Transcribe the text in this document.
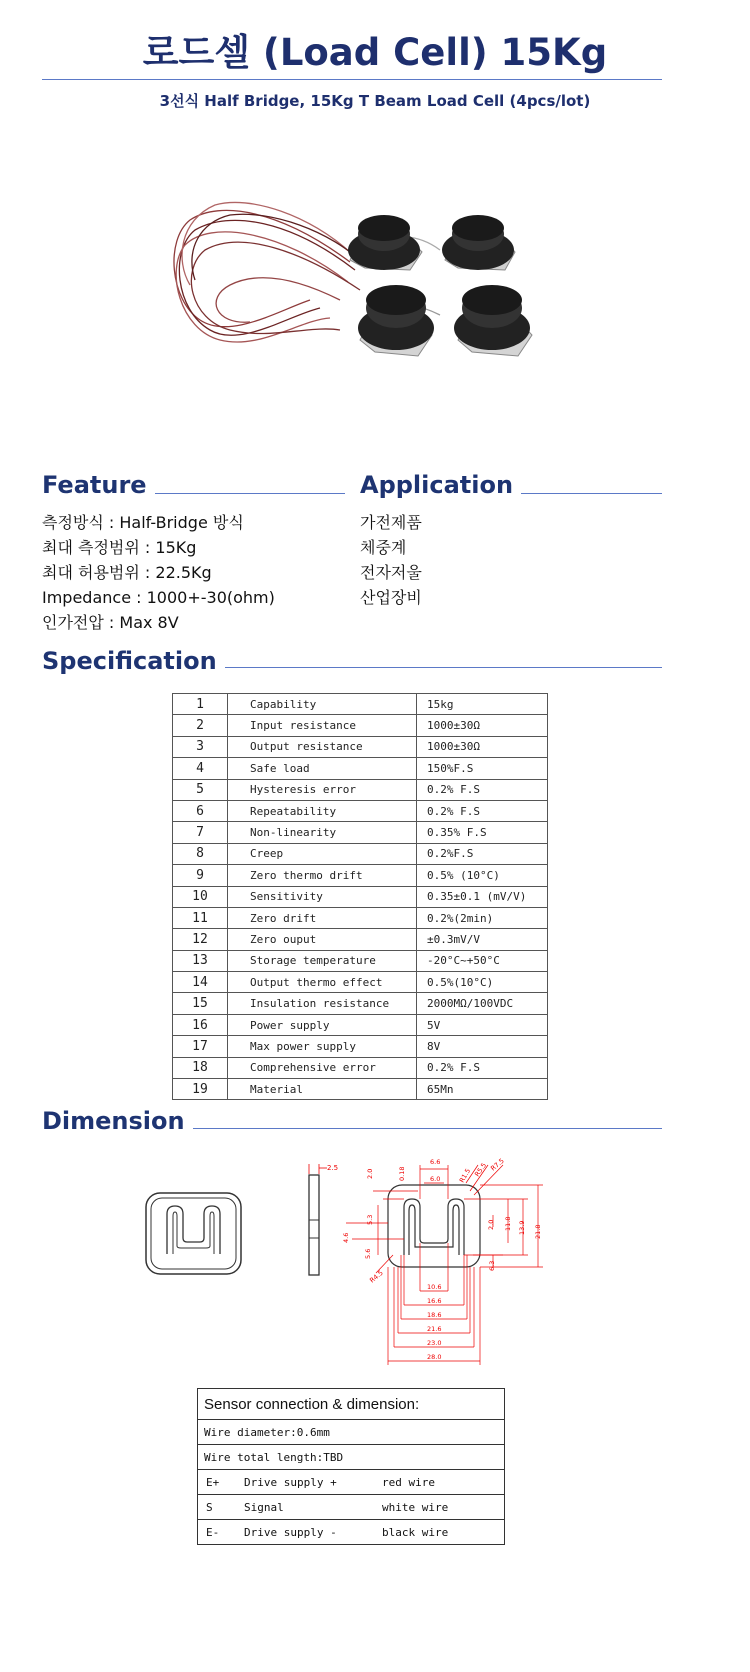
로드셀 (Load Cell) 15Kg
3선식 Half Bridge, 15Kg T Beam Load Cell (4pcs/lot)
Feature
측정방식 : Half-Bridge 방식
최대 측정범위 : 15Kg
최대 허용범위 : 22.5Kg
Impedance : 1000+-30(ohm)
인가전압 : Max 8V
Application
가전제품
체중계
전자저울
산업장비
Specification
1	Capability	15kg
2	Input resistance	1000±30Ω
3	Output resistance	1000±30Ω
4	Safe load	150%F.S
5	Hysteresis error	0.2% F.S
6	Repeatability	0.2% F.S
7	Non-linearity	0.35% F.S
8	Creep	0.2%F.S
9	Zero thermo drift	0.5% (10°C)
10	Sensitivity	0.35±0.1 (mV/V)
11	Zero drift	0.2%(2min)
12	Zero ouput	±0.3mV/V
13	Storage temperature	-20°C~+50°C
14	Output thermo effect	0.5%(10°C)
15	Insulation resistance	2000MΩ/100VDC
16	Power supply	5V
17	Max power supply	8V
18	Comprehensive error	0.2% F.S
19	Material	65Mn
Dimension
2.5
6.6
6.0
2.0	0.18	R1.5 R5.5 R7.5
2.0 11.8 13.9 21.8
5.3
4.6
5.6
R4.5
6.3
10.6
16.6
18.6
21.6
23.0
28.0
Sensor connection & dimension:
Wire diameter:0.6mm
Wire total length:TBD

E+	Drive supply +	red wire

S	Signal	white wire

E-	Drive supply -	black wire
